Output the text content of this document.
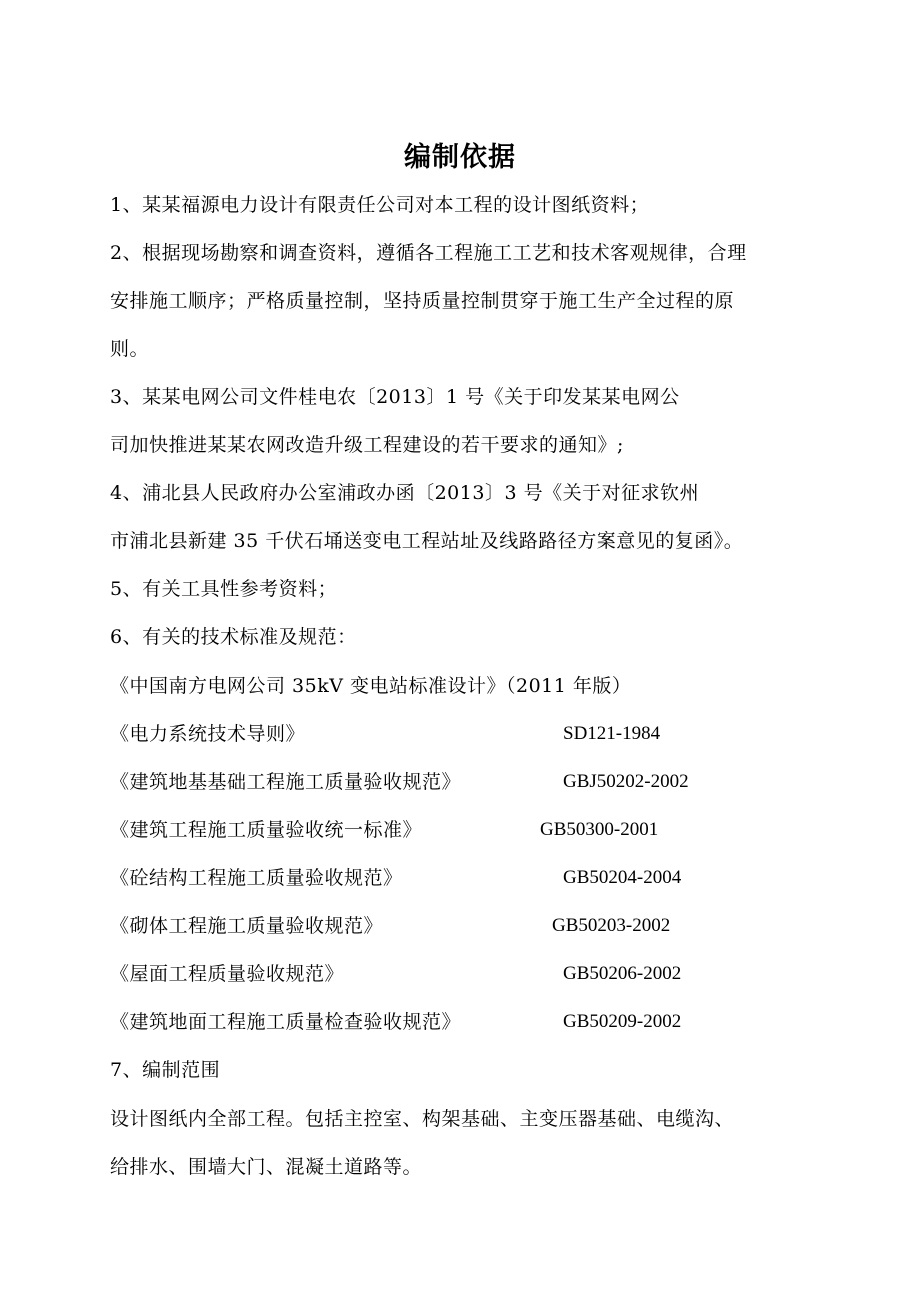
编制依据
1、某某福源电力设计有限责任公司对本工程的设计图纸资料；
2、根据现场勘察和调查资料，遵循各工程施工工艺和技术客观规律，合理
安排施工顺序；严格质量控制，坚持质量控制贯穿于施工生产全过程的原
则。
3、某某电网公司文件桂电农〔2013〕1 号《关于印发某某电网公
司加快推进某某农网改造升级工程建设的若干要求的通知》;
4、浦北县人民政府办公室浦政办函〔2013〕3 号《关于对征求钦州
市浦北县新建 35 千伏石埇送变电工程站址及线路路径方案意见的复函》。
5、有关工具性参考资料；
6、有关的技术标准及规范：
《中国南方电网公司 35kV 变电站标准设计》（2011 年版）
《电力系统技术导则》	SD121-1984
《建筑地基基础工程施工质量验收规范》	GBJ50202-2002
《建筑工程施工质量验收统一标准》	GB50300-2001
《砼结构工程施工质量验收规范》	GB50204-2004
《砌体工程施工质量验收规范》	GB50203-2002
《屋面工程质量验收规范》	GB50206-2002
《建筑地面工程施工质量检查验收规范》	GB50209-2002
7、编制范围
设计图纸内全部工程。包括主控室、构架基础、主变压器基础、电缆沟、
给排水、围墙大门、混凝土道路等。
